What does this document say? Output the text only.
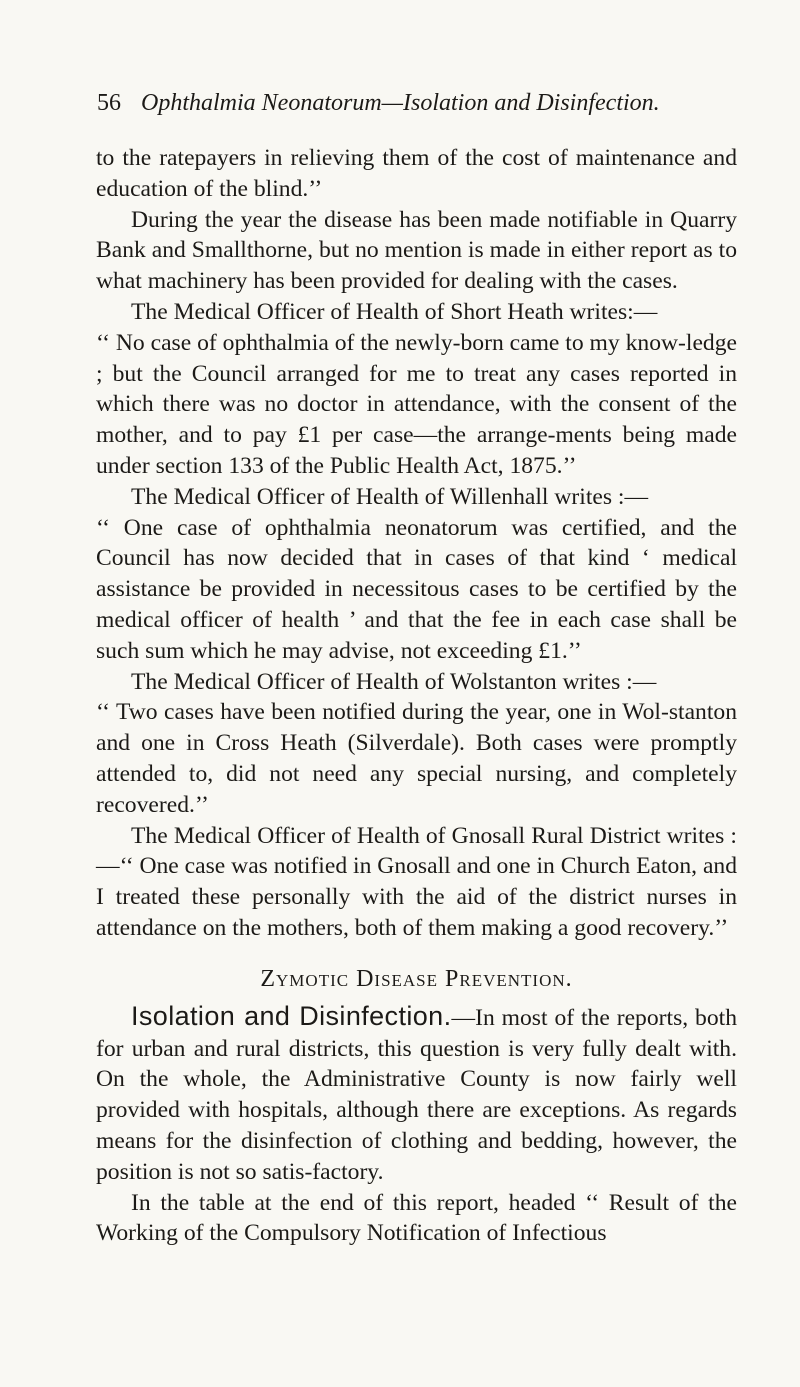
56 Ophthalmia Neonatorum—Isolation and Disinfection.

to the ratepayers in relieving them of the cost of maintenance and education of the blind.’’

During the year the disease has been made notifiable in Quarry Bank and Smallthorne, but no mention is made in either report as to what machinery has been provided for dealing with the cases.

The Medical Officer of Health of Short Heath writes:—

‘‘ No case of ophthalmia of the newly-born came to my know-ledge ; but the Council arranged for me to treat any cases reported in which there was no doctor in attendance, with the consent of the mother, and to pay £1 per case—the arrange-ments being made under section 133 of the Public Health Act, 1875.’’

The Medical Officer of Health of Willenhall writes :—

‘‘ One case of ophthalmia neonatorum was certified, and the Council has now decided that in cases of that kind ‘ medical assistance be provided in necessitous cases to be certified by the medical officer of health ’ and that the fee in each case shall be such sum which he may advise, not exceeding £1.’’

The Medical Officer of Health of Wolstanton writes :—

‘‘ Two cases have been notified during the year, one in Wol-stanton and one in Cross Heath (Silverdale). Both cases were promptly attended to, did not need any special nursing, and completely recovered.’’

The Medical Officer of Health of Gnosall Rural District writes :—‘‘ One case was notified in Gnosall and one in Church Eaton, and I treated these personally with the aid of the district nurses in attendance on the mothers, both of them making a good recovery.’’

Zymotic Disease Prevention.

Isolation and Disinfection.—In most of the reports, both for urban and rural districts, this question is very fully dealt with. On the whole, the Administrative County is now fairly well provided with hospitals, although there are exceptions. As regards means for the disinfection of clothing and bedding, however, the position is not so satis-factory.

In the table at the end of this report, headed ‘‘ Result of the Working of the Compulsory Notification of Infectious
